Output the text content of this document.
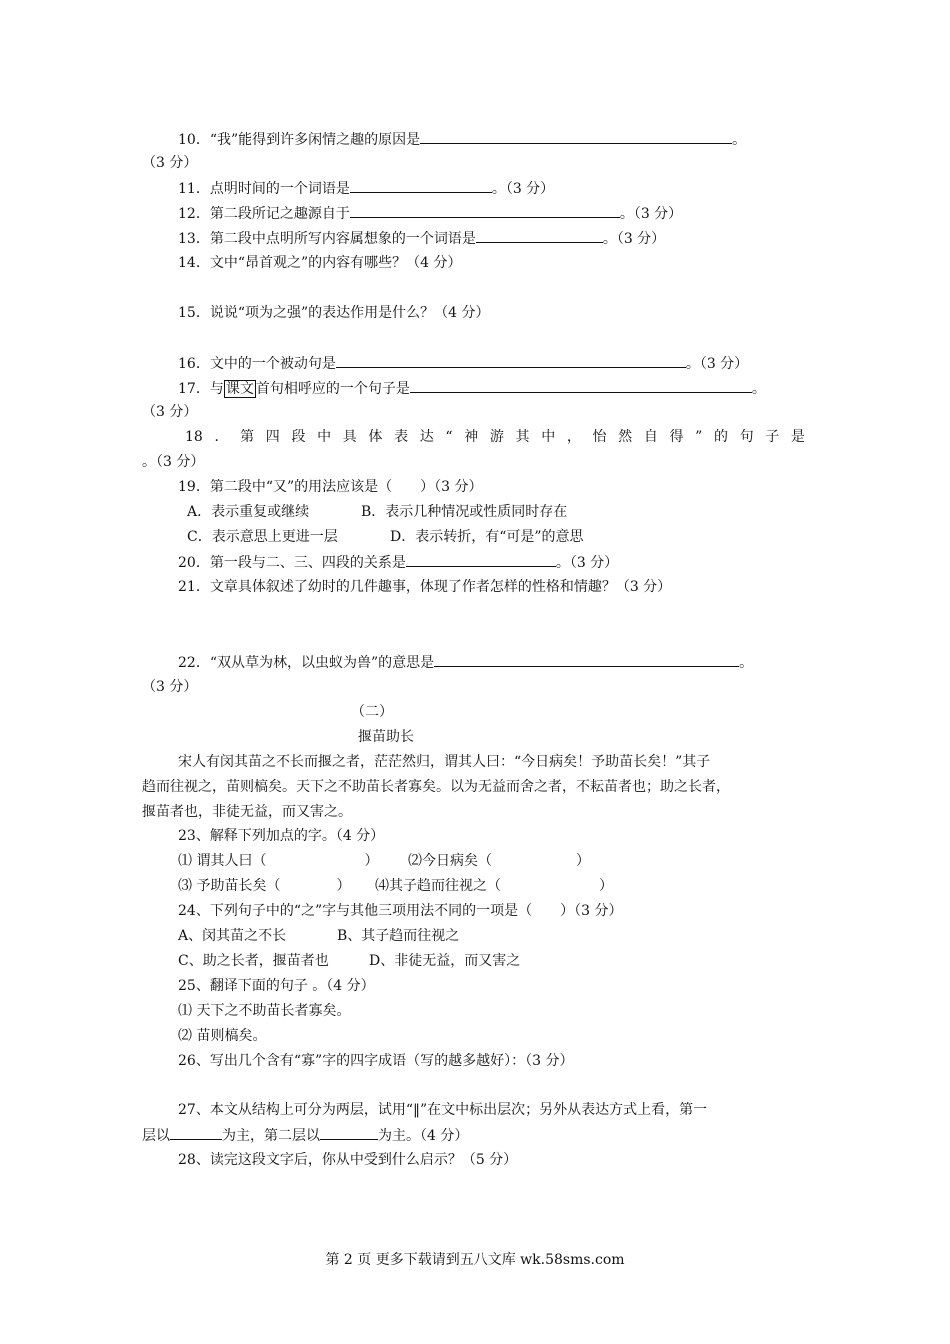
10．“我”能得到许多闲情之趣的原因是	。
（3 分）
11．点明时间的一个词语是	。（3 分）
12．第二段所记之趣源自于	。（3 分）
13．第二段中点明所写内容属想象的一个词语是	。（3 分）
14．文中“昂首观之”的内容有哪些？（4 分）
15．说说“项为之强”的表达作用是什么？（4 分）
16．文中的一个被动句是	。（3 分）
17．与 课文 首句相呼应的一个句子是	。
（3 分）
18 ． 第 四 段 中 具 体 表 达 “ 神 游 其 中 ， 怡 然 自 得 ” 的 句 子 是
。（3 分）
19．第二段中“又”的用法应该是（　　）（3 分）
A．表示重复或继续	B．表示几种情况或性质同时存在
C．表示意思上更进一层	D．表示转折，有“可是”的意思
20．第一段与二、三、四段的关系是	。（3 分）
21．文章具体叙述了幼时的几件趣事，体现了作者怎样的性格和情趣？（3 分）
22．“双从草为林，以虫蚁为兽”的意思是	。
（3 分）
（二）
揠苗助长
宋人有闵其苗之不长而揠之者，茫茫然归，谓其人曰：“今日病矣！予助苗长矣！”其子
趋而往视之，苗则槁矣。天下之不助苗长者寡矣。以为无益而舍之者，不耘苗者也；助之长者，
揠苗者也，非徒无益，而又害之。
23、解释下列加点的字。（4 分）
⑴ 谓其人曰（　　　　　　　） ⑵今日病矣（　　　　　　）
⑶ 予助苗长矣（　　　　） ⑷其子趋而往视之（　　　　　　　）
24、下列句子中的“之”字与其他三项用法不同的一项是（　　）（3 分）
A、闵其苗之不长	B、其子趋而往视之
C、助之长者，揠苗者也	D、非徒无益，而又害之
25、翻译下面的句子 。（4 分）
⑴ 天下之不助苗长者寡矣。
⑵ 苗则槁矣。
26、写出几个含有“寡”字的四字成语（写的越多越好）：（3 分）
27、本文从结构上可分为两层，试用“‖”在文中标出层次；另外从表达方式上看，第一
层以	为主，第二层以	为主。（4 分）
28、读完这段文字后，你从中受到什么启示？（5 分）
第 2 页 更多下载请到五八文库 wk.58sms.com
